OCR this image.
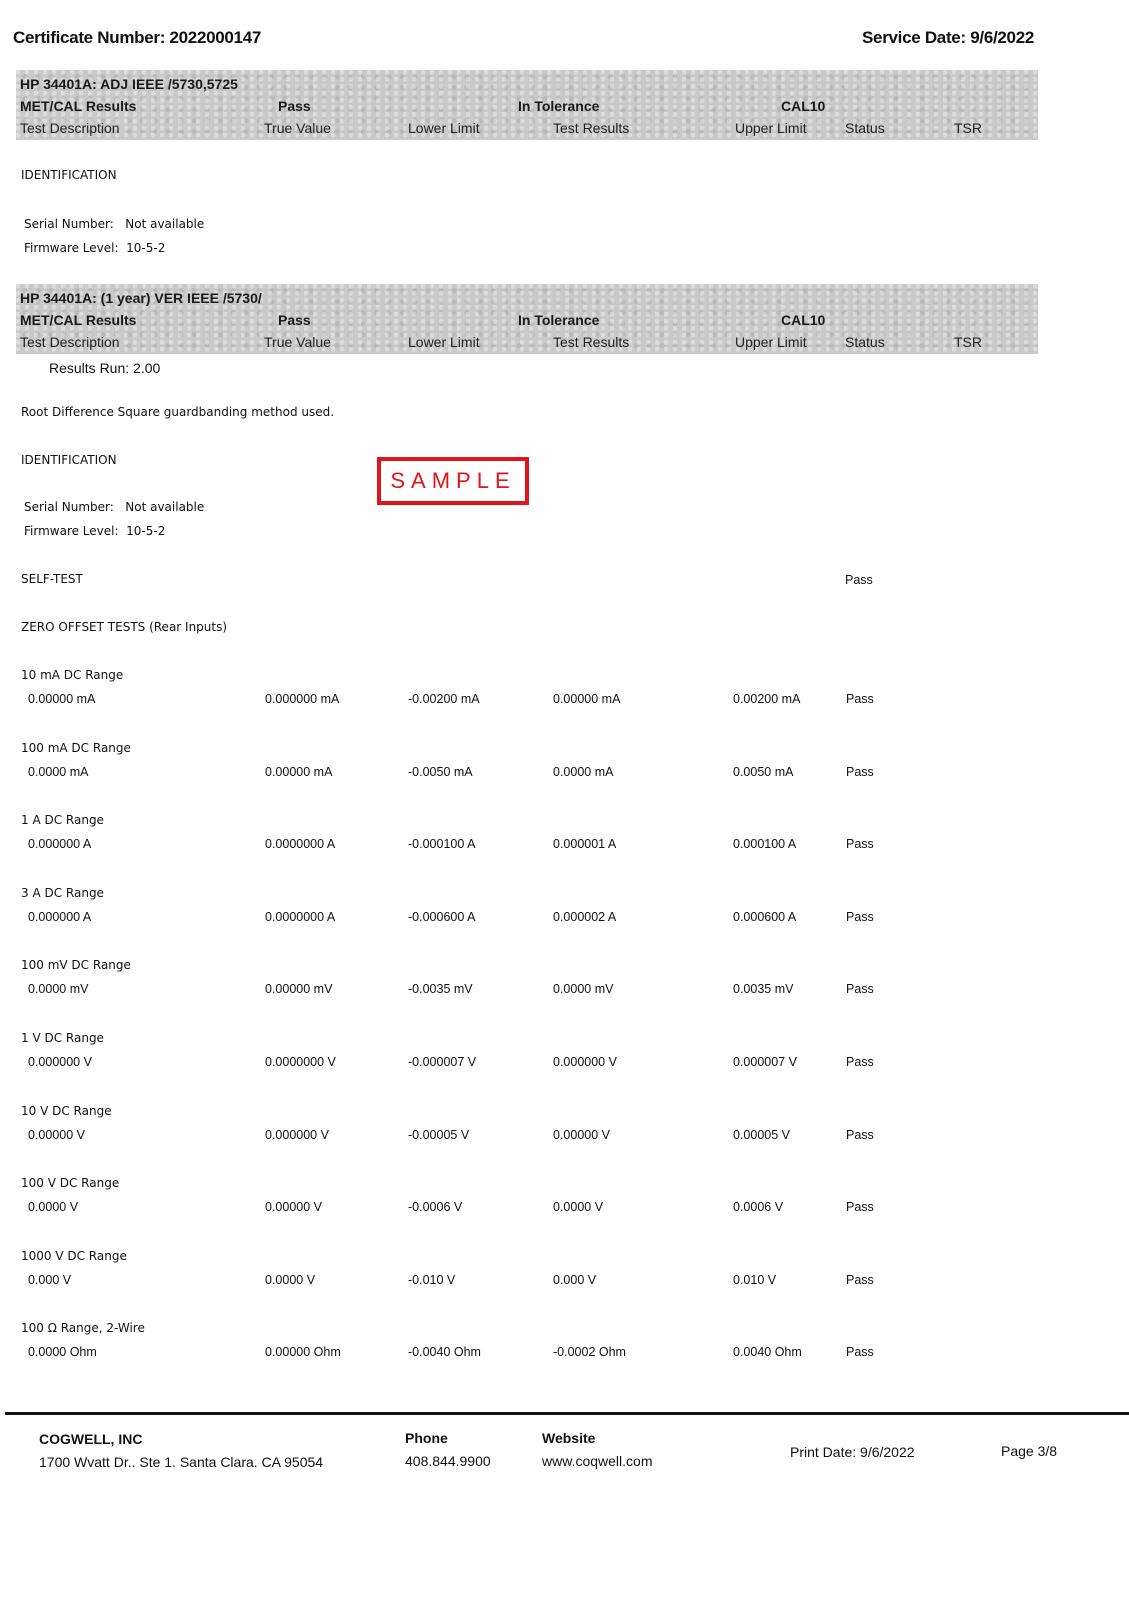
Certificate Number: 2022000147	Service Date: 9/6/2022
HP 34401A: ADJ IEEE /5730,5725
MET/CAL Results	Pass	In Tolerance	CAL10
Test Description	True Value	Lower Limit	Test Results	Upper Limit	Status	TSR
IDENTIFICATION
Serial Number:   Not available
Firmware Level:  10-5-2
HP 34401A: (1 year) VER IEEE /5730/
MET/CAL Results	Pass	In Tolerance	CAL10
Test Description	True Value	Lower Limit	Test Results	Upper Limit	Status	TSR
Results Run: 2.00
Root Difference Square guardbanding method used.
IDENTIFICATION
SAMPLE
Serial Number:   Not available
Firmware Level:  10-5-2
SELF-TEST	Pass
ZERO OFFSET TESTS (Rear Inputs)
10 mA DC Range
0.00000 mA	0.000000 mA	-0.00200 mA	0.00000 mA	0.00200 mA	Pass
100 mA DC Range
0.0000 mA	0.00000 mA	-0.0050 mA	0.0000 mA	0.0050 mA	Pass
1 A DC Range
0.000000 A	0.0000000 A	-0.000100 A	0.000001 A	0.000100 A	Pass
3 A DC Range
0.000000 A	0.0000000 A	-0.000600 A	0.000002 A	0.000600 A	Pass
100 mV DC Range
0.0000 mV	0.00000 mV	-0.0035 mV	0.0000 mV	0.0035 mV	Pass
1 V DC Range
0.000000 V	0.0000000 V	-0.000007 V	0.000000 V	0.000007 V	Pass
10 V DC Range
0.00000 V	0.000000 V	-0.00005 V	0.00000 V	0.00005 V	Pass
100 V DC Range
0.0000 V	0.00000 V	-0.0006 V	0.0000 V	0.0006 V	Pass
1000 V DC Range
0.000 V	0.0000 V	-0.010 V	0.000 V	0.010 V	Pass
100 Ω Range, 2-Wire
0.0000 Ohm	0.00000 Ohm	-0.0040 Ohm	-0.0002 Ohm	0.0040 Ohm	Pass
COGWELL, INC
1700 Wvatt Dr.. Ste 1. Santa Clara. CA 95054
Phone
408.844.9900
Website
www.coqwell.com
Print Date: 9/6/2022	Page 3/8
